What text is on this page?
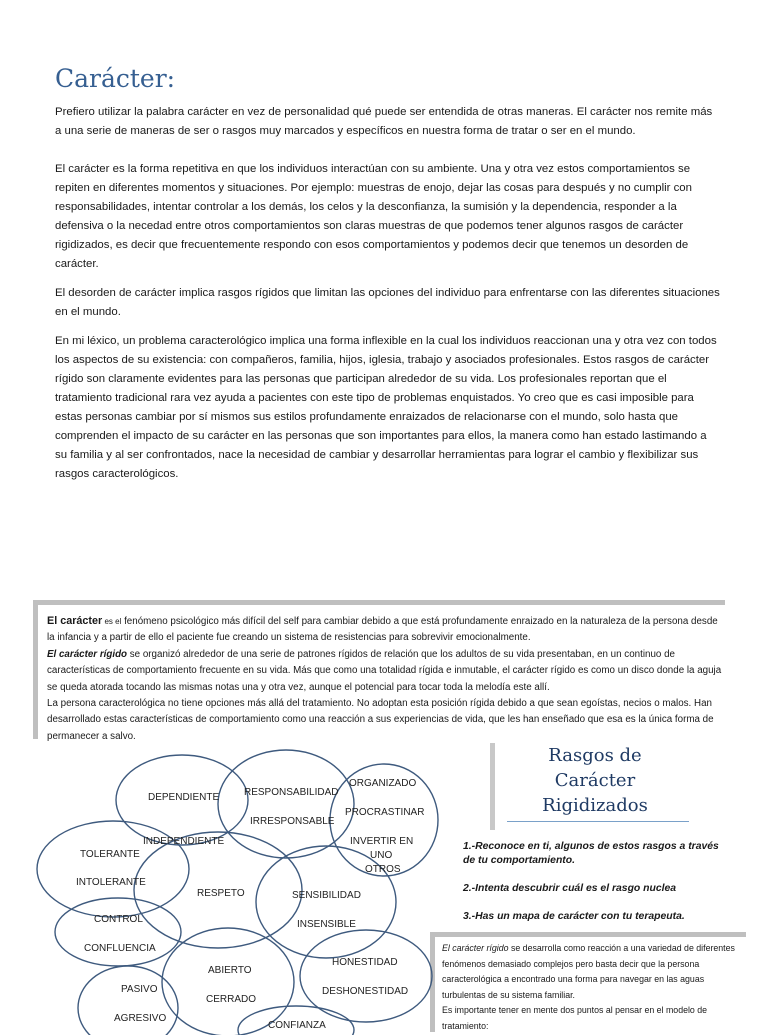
Carácter:

Prefiero utilizar la palabra carácter en vez de personalidad qué puede ser entendida de otras maneras. El carácter nos remite más a una serie de maneras de ser o rasgos muy marcados y específicos en nuestra forma de tratar o ser en el mundo.

El carácter es la forma repetitiva en que los individuos interactúan con su ambiente. Una y otra vez estos comportamientos se repiten en diferentes momentos y situaciones. Por ejemplo: muestras de enojo, dejar las cosas para después y no cumplir con responsabilidades, intentar controlar a los demás, los celos y la desconfianza, la sumisión y la dependencia, responder a la defensiva o la necedad entre otros comportamientos son claras muestras de que podemos tener algunos rasgos de carácter rigidizados, es decir que frecuentemente respondo con esos comportamientos y podemos decir que tenemos un desorden de carácter.

El desorden de carácter implica rasgos rígidos que limitan las opciones del individuo para enfrentarse con las diferentes situaciones en el mundo.

En mi léxico, un problema caracterológico implica una forma inflexible en la cual los individuos reaccionan una y otra vez con todos los aspectos de su existencia: con compañeros, familia, hijos, iglesia, trabajo y asociados profesionales. Estos rasgos de carácter rígido son claramente evidentes para las personas que participan alrededor de su vida. Los profesionales reportan que el tratamiento tradicional rara vez ayuda a pacientes con este tipo de problemas enquistados. Yo creo que es casi imposible para estas personas cambiar por sí mismos sus estilos profundamente enraizados de relacionarse con el mundo, solo hasta que comprenden el impacto de su carácter en las personas que son importantes para ellos, la manera como han estado lastimando a su familia y al ser confrontados, nace la necesidad de cambiar y desarrollar herramientas para lograr el cambio y flexibilizar sus rasgos caracterológicos.

El carácter es el fenómeno psicológico más difícil del self para cambiar debido a que está profundamente enraizado en la naturaleza de la persona desde la infancia y a partir de ello el paciente fue creando un sistema de resistencias para sobrevivir emocionalmente.

El carácter rígido se organizó alrededor de una serie de patrones rígidos de relación que los adultos de su vida presentaban, en un continuo de características de comportamiento frecuente en su vida. Más que como una totalidad rígida e inmutable, el carácter rígido es como un disco donde la aguja se queda atorada tocando las mismas notas una y otra vez, aunque el potencial para tocar toda la melodía este allí.

La persona caracterológica no tiene opciones más allá del tratamiento. No adoptan esta posición rígida debido a que sean egoístas, necios o malos. Han desarrollado estas características de comportamiento como una reacción a sus experiencias de vida, que les han enseñado que esa es la única forma de permanecer a salvo.

Rasgos de
Carácter
Rigidizados

1.-Reconoce en ti, algunos de estos rasgos a través de tu comportamiento.

2.-Intenta descubrir cuál es el rasgo nuclea

3.-Has un mapa de carácter con tu terapeuta.

El carácter rígido se desarrolla como reacción a una variedad de diferentes fenómenos demasiado complejos pero basta decir que la persona caracterológica a encontrado una forma para navegar en las aguas turbulentas de su sistema familiar.

Es importante tener en mente dos puntos al pensar en el modelo de tratamiento:

DEPENDIENTE
INDEPENDIENTE
RESPONSABILIDAD
IRRESPONSABLE
ORGANIZADO
PROCRASTINAR
INVERTIR EN
UNO
OTROS
TOLERANTE
INTOLERANTE
RESPETO	SENSIBILIDAD
INSENSIBLE
CONTROL
CONFLUENCIA
HONESTIDAD
DESHONESTIDAD
ABIERTO
CERRADO
PASIVO
AGRESIVO
CONFIANZA
